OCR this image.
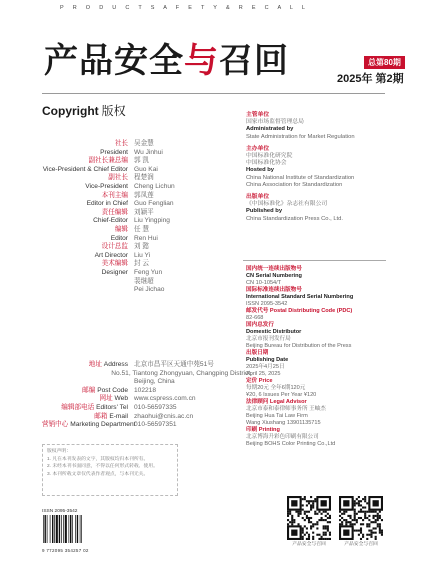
P R O D U C T S A F E T Y & R E C A L L
产品安全与召回	总第80期
2025年 第2期
Copyright 版权
社长 吴金慧
President Wu Jinhui
副社长兼总编 郭 凯
Vice-President & Chief Editor Guo Kai
副社长 程楚润
Vice-President Cheng Lichun
本刊主编 郭凤莲
Editor in Chief Guo Fenglian
责任编辑 刘颖平
Chief-Editor Liu Yingping
编辑 任 慧
Editor Ren Hui
设计总监 刘 懿
Art Director Liu Yi
美术编辑 封 云
Designer Feng Yun
裴继超
Pei Jichao
地址 Address 北京市昌平区天通中苑51号
No.51, Tiantong Zhongyuan, Changping District,
Beijing, China
邮编 Post Code 102218
网址 Web www.cspress.com.cn
编辑部电话 Editors' Tel 010-56597335
邮箱 E-mail zhaohui@cnis.ac.cn
营销中心 Marketing Department
010-56597351
主管单位
国家市场监督管理总局
Administrated by
State Administration for Market Regulation
主办单位
中国标准化研究院
中国标准化协会
Hosted by
China National Institute of Standardization
China Association for Standardization
出版单位
《中国标准化》杂志社有限公司
Published by
China Standardization Press Co., Ltd.
国内统一连续出版物号
CN Serial Numbering
CN 10-1054/T
国际标准连续出版物号
International Standard Serial Numbering
ISSN 2095-3542
邮发代号 Postal Distributing Code (PDC)
82-668
国内总发行
Domestic Distributor
北京市报刊发行局
Beijing Bureau for Distribution of the Press
出版日期
Publishing Date
2025年4月25日
April 25, 2025
定价 Price
每期20元 全年6期120元
¥20, 6 Issues Per Year ¥120
法律顾问 Legal Advisor
北京市泰和泰律师事务所 王岫杰
Beijing Hua Tai Law Firm
Wang Xiushang 13901135715
印刷 Printing
北京博海升彩色印刷有限公司
Beijing BOHS Color Printing Co.,Ltd
版权声明：
1. 凡在本刊发表的文字，其版权均归本刊所有。
2. 未经本刊书面同意，不得以任何形式转载、使用。
3. 本刊所载文章仅代表作者观点，与本刊无关。
ISSN 2095-3542
9 772095 354257 02
产品安全与召回	产品安全与召回
